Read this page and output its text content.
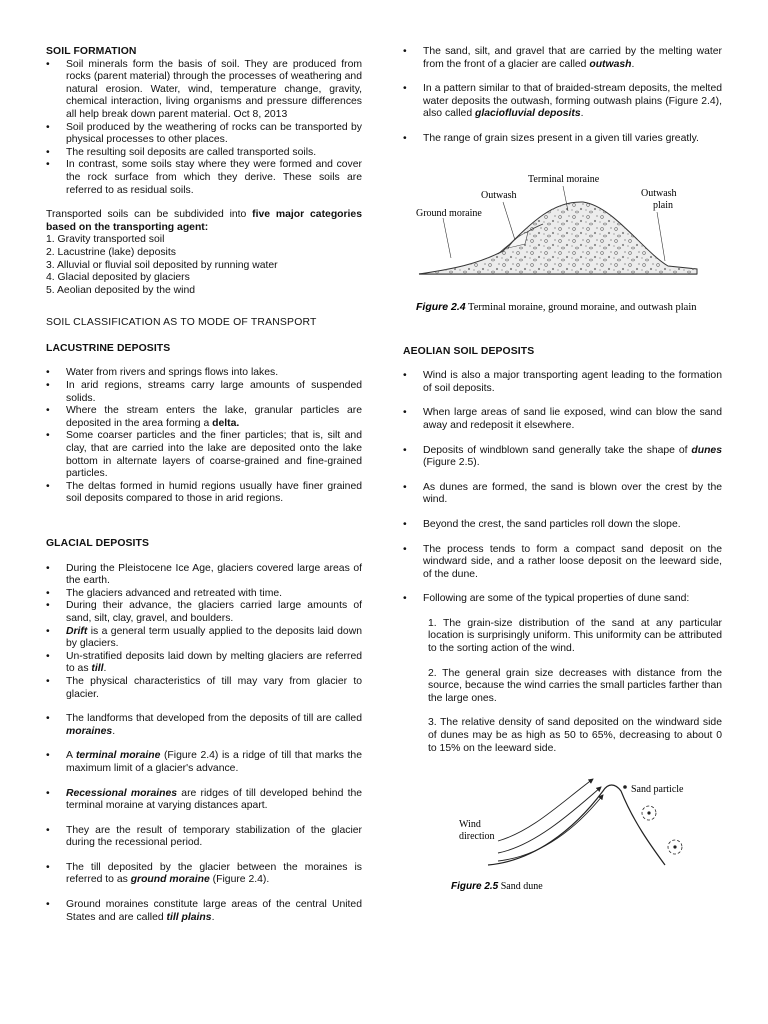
SOIL FORMATION

• Soil minerals form the basis of soil. They are produced from rocks (parent material) through the processes of weathering and natural erosion. Water, wind, temperature change, gravity, chemical interaction, living organisms and pressure differences all help break down parent material. Oct 8, 2013
• Soil produced by the weathering of rocks can be transported by physical processes to other places.
• The resulting soil deposits are called transported soils.
• In contrast, some soils stay where they were formed and cover the rock surface from which they derive. These soils are referred to as residual soils.

Transported soils can be subdivided into five major categories based on the transporting agent:

1. Gravity transported soil

2. Lacustrine (lake) deposits

3. Alluvial or fluvial soil deposited by running water

4. Glacial deposited by glaciers

5. Aeolian deposited by the wind

SOIL CLASSIFICATION AS TO MODE OF TRANSPORT

LACUSTRINE DEPOSITS

• Water from rivers and springs flows into lakes.
• In arid regions, streams carry large amounts of suspended solids.
• Where the stream enters the lake, granular particles are deposited in the area forming a delta.
• Some coarser particles and the finer particles; that is, silt and clay, that are carried into the lake are deposited onto the lake bottom in alternate layers of coarse-grained and fine-grained particles.
• The deltas formed in humid regions usually have finer grained soil deposits compared to those in arid regions.

GLACIAL DEPOSITS

• During the Pleistocene Ice Age, glaciers covered large areas of the earth.
• The glaciers advanced and retreated with time.
• During their advance, the glaciers carried large amounts of sand, silt, clay, gravel, and boulders.
• Drift is a general term usually applied to the deposits laid down by glaciers.
• Un-stratified deposits laid down by melting glaciers are referred to as till.
• The physical characteristics of till may vary from glacier to glacier.
• The landforms that developed from the deposits of till are called moraines.
• A terminal moraine (Figure 2.4) is a ridge of till that marks the maximum limit of a glacier's advance.
• Recessional moraines are ridges of till developed behind the terminal moraine at varying distances apart.
• They are the result of temporary stabilization of the glacier during the recessional period.
• The till deposited by the glacier between the moraines is referred to as ground moraine (Figure 2.4).
• Ground moraines constitute large areas of the central United States and are called till plains.
• The sand, silt, and gravel that are carried by the melting water from the front of a glacier are called outwash.
• In a pattern similar to that of braided-stream deposits, the melted water deposits the outwash, forming outwash plains (Figure 2.4), also called glaciofluvial deposits.
• The range of grain sizes present in a given till varies greatly.
Terminal moraine
Outwash
Ground moraine
Outwash
plain
Figure 2.4 Terminal moraine, ground moraine, and outwash plain

AEOLIAN SOIL DEPOSITS

• Wind is also a major transporting agent leading to the formation of soil deposits.
• When large areas of sand lie exposed, wind can blow the sand away and redeposit it elsewhere.
• Deposits of windblown sand generally take the shape of dunes (Figure 2.5).
• As dunes are formed, the sand is blown over the crest by the wind.
• Beyond the crest, the sand particles roll down the slope.
• The process tends to form a compact sand deposit on the windward side, and a rather loose deposit on the leeward side, of the dune.
• Following are some of the typical properties of dune sand:

1. The grain-size distribution of the sand at any particular location is surprisingly uniform. This uniformity can be attributed to the sorting action of the wind.

2. The general grain size decreases with distance from the source, because the wind carries the small particles farther than the large ones.

3. The relative density of sand deposited on the windward side of dunes may be as high as 50 to 65%, decreasing to about 0 to 15% on the leeward side.

Sand particle
Wind
direction
Figure 2.5 Sand dune
